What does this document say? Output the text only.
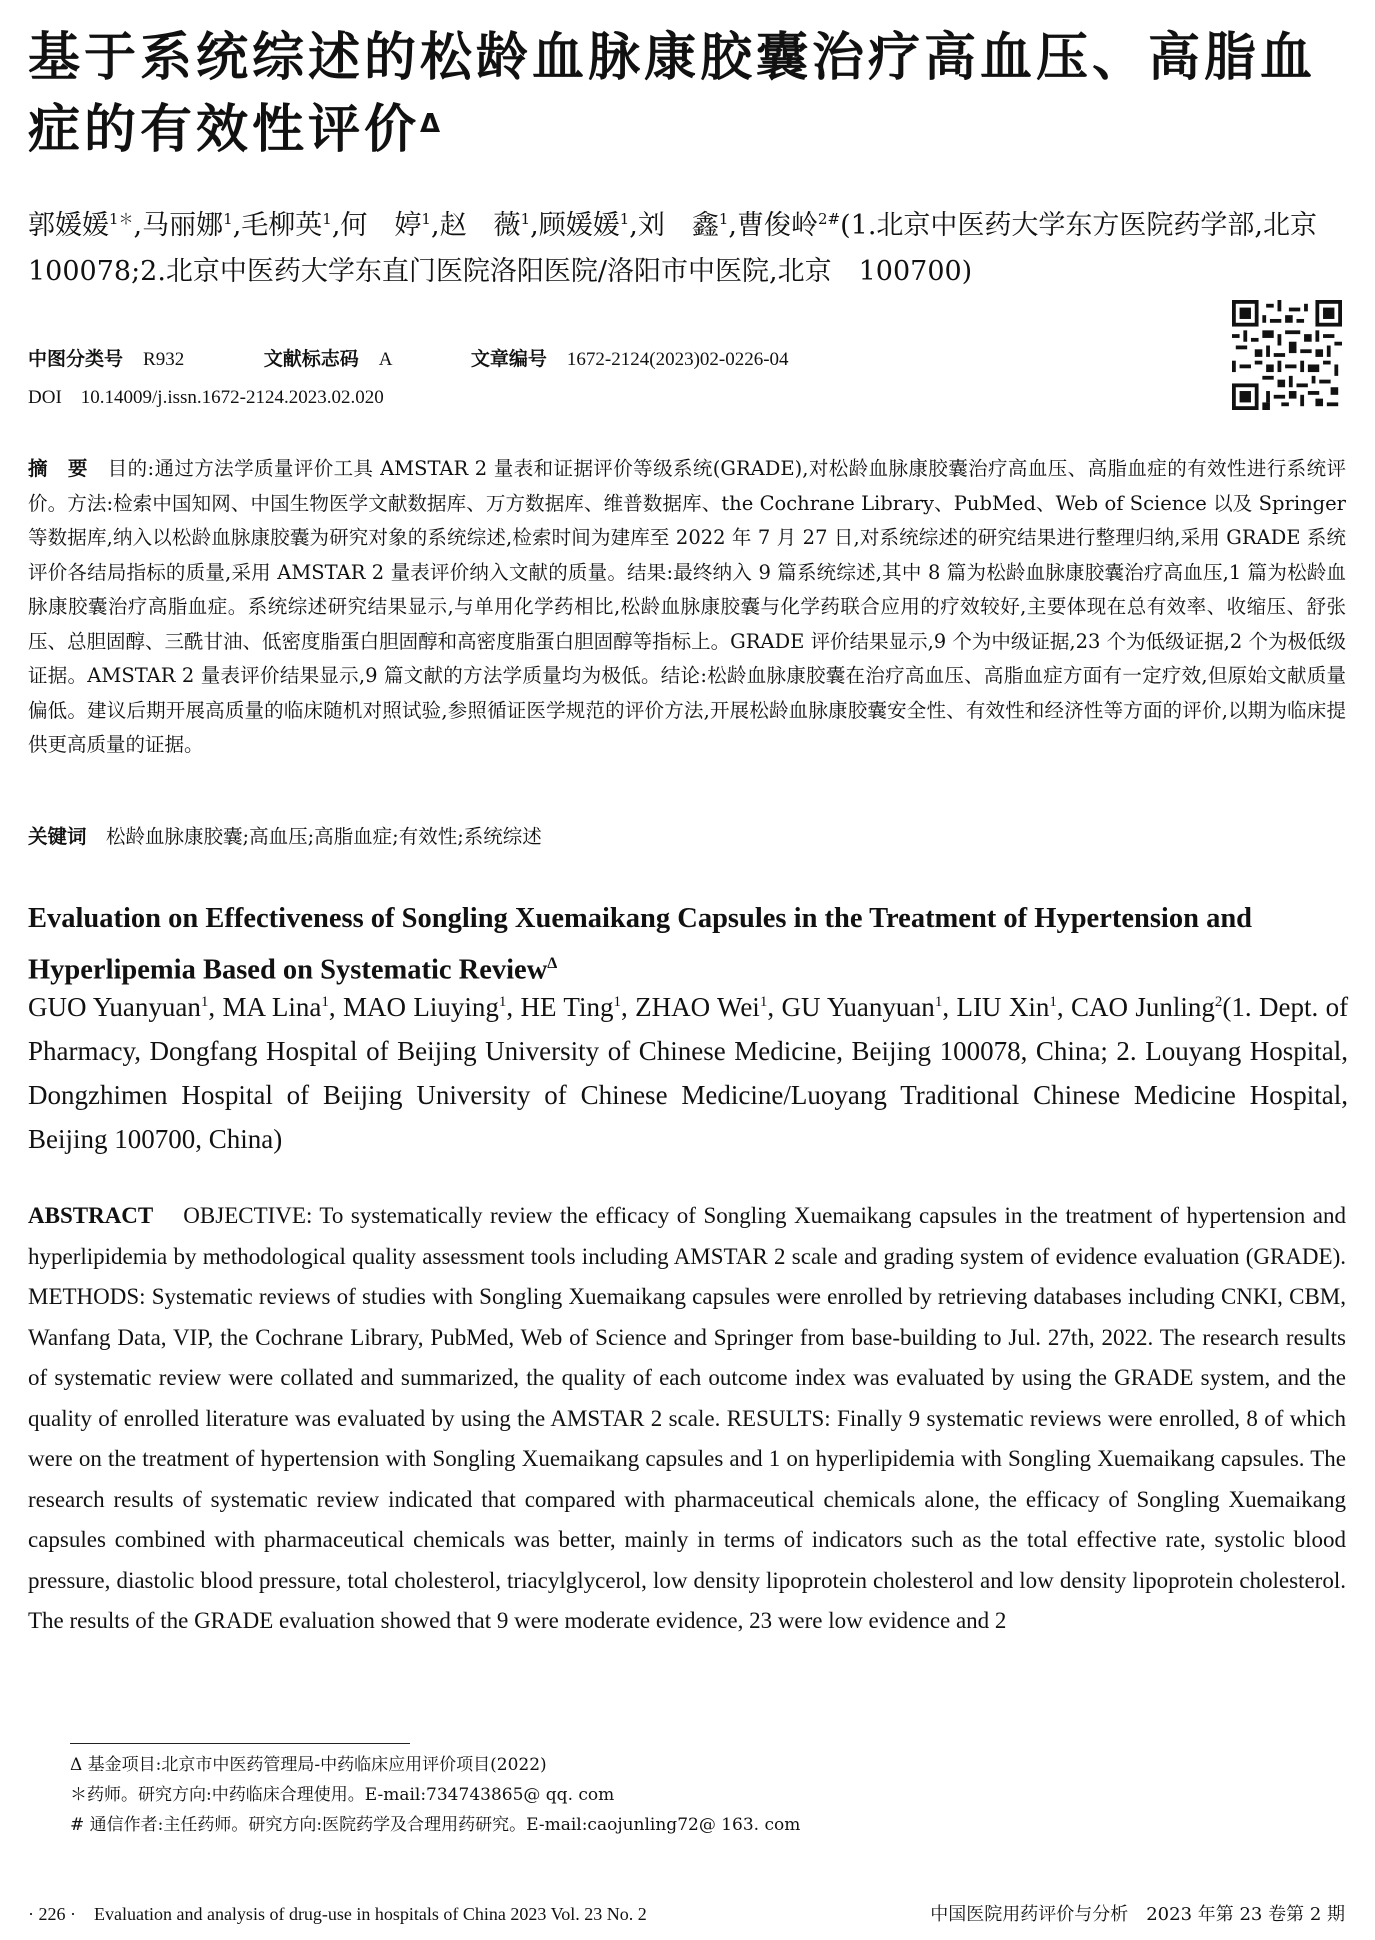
基于系统综述的松龄血脉康胶囊治疗高血压、高脂血症的有效性评价$^\Delta$
郭媛媛$^{1*}$,马丽娜$^1$,毛柳英$^1$,何　婷$^1$,赵　薇$^1$,顾媛媛$^1$,刘　鑫$^1$,曹俊岭$^{2\#}$(1.北京中医药大学东方医院药学部,北京　100078;2.北京中医药大学东直门医院洛阳医院/洛阳市中医院,北京　100700)
中图分类号 R932	文献标志码 A	文章编号 1672-2124(2023)02-0226-04
DOI　10.14009/j.issn.1672-2124.2023.02.020
摘　要　 目的:通过方法学质量评价工具 AMSTAR 2 量表和证据评价等级系统(GRADE),对松龄血脉康胶囊治疗高血压、高脂血症的有效性进行系统评价。方法:检索中国知网、中国生物医学文献数据库、万方数据库、维普数据库、the Cochrane Library、PubMed、Web of Science 以及 Springer 等数据库,纳入以松龄血脉康胶囊为研究对象的系统综述,检索时间为建库至 2022 年 7 月 27 日,对系统综述的研究结果进行整理归纳,采用 GRADE 系统评价各结局指标的质量,采用 AMSTAR 2 量表评价纳入文献的质量。结果:最终纳入 9 篇系统综述,其中 8 篇为松龄血脉康胶囊治疗高血压,1 篇为松龄血脉康胶囊治疗高脂血症。系统综述研究结果显示,与单用化学药相比,松龄血脉康胶囊与化学药联合应用的疗效较好,主要体现在总有效率、收缩压、舒张压、总胆固醇、三酰甘油、低密度脂蛋白胆固醇和高密度脂蛋白胆固醇等指标上。GRADE 评价结果显示,9 个为中级证据,23 个为低级证据,2 个为极低级证据。AMSTAR 2 量表评价结果显示,9 篇文献的方法学质量均为极低。结论:松龄血脉康胶囊在治疗高血压、高脂血症方面有一定疗效,但原始文献质量偏低。建议后期开展高质量的临床随机对照试验,参照循证医学规范的评价方法,开展松龄血脉康胶囊安全性、有效性和经济性等方面的评价,以期为临床提供更高质量的证据。
关键词　 松龄血脉康胶囊;高血压;高脂血症;有效性;系统综述
Evaluation on Effectiveness of Songling Xuemaikang Capsules in the Treatment of Hypertension and Hyperlipemia Based on Systematic Review$^\Delta$
GUO Yuanyuan$^1$, MA Lina$^1$, MAO Liuying$^1$, HE Ting$^1$, ZHAO Wei$^1$, GU Yuanyuan$^1$, LIU Xin$^1$, CAO Junling$^2$(1. Dept. of Pharmacy, Dongfang Hospital of Beijing University of Chinese Medicine, Beijing 100078, China; 2. Louyang Hospital, Dongzhimen Hospital of Beijing University of Chinese Medicine/Luoyang Traditional Chinese Medicine Hospital, Beijing 100700, China)
ABSTRACT OBJECTIVE: To systematically review the efficacy of Songling Xuemaikang capsules in the treatment of hypertension and hyperlipidemia by methodological quality assessment tools including AMSTAR 2 scale and grading system of evidence evaluation (GRADE). METHODS: Systematic reviews of studies with Songling Xuemaikang capsules were enrolled by retrieving databases including CNKI, CBM, Wanfang Data, VIP, the Cochrane Library, PubMed, Web of Science and Springer from base-building to Jul. 27th, 2022. The research results of systematic review were collated and summarized, the quality of each outcome index was evaluated by using the GRADE system, and the quality of enrolled literature was evaluated by using the AMSTAR 2 scale. RESULTS: Finally 9 systematic reviews were enrolled, 8 of which were on the treatment of hypertension with Songling Xuemaikang capsules and 1 on hyperlipidemia with Songling Xuemaikang capsules. The research results of systematic review indicated that compared with pharmaceutical chemicals alone, the efficacy of Songling Xuemaikang capsules combined with pharmaceutical chemicals was better, mainly in terms of indicators such as the total effective rate, systolic blood pressure, diastolic blood pressure, total cholesterol, triacylglycerol, low density lipoprotein cholesterol and low density lipoprotein cholesterol. The results of the GRADE evaluation showed that 9 were moderate evidence, 23 were low evidence and 2
Δ 基金项目:北京市中医药管理局-中药临床应用评价项目(2022)
＊药师。研究方向:中药临床合理使用。E-mail:734743865@ qq. com
# 通信作者:主任药师。研究方向:医院药学及合理用药研究。E-mail:caojunling72@ 163. com
· 226 ·　Evaluation and analysis of drug-use in hospitals of China 2023 Vol. 23 No. 2	中国医院用药评价与分析　2023 年第 23 卷第 2 期
